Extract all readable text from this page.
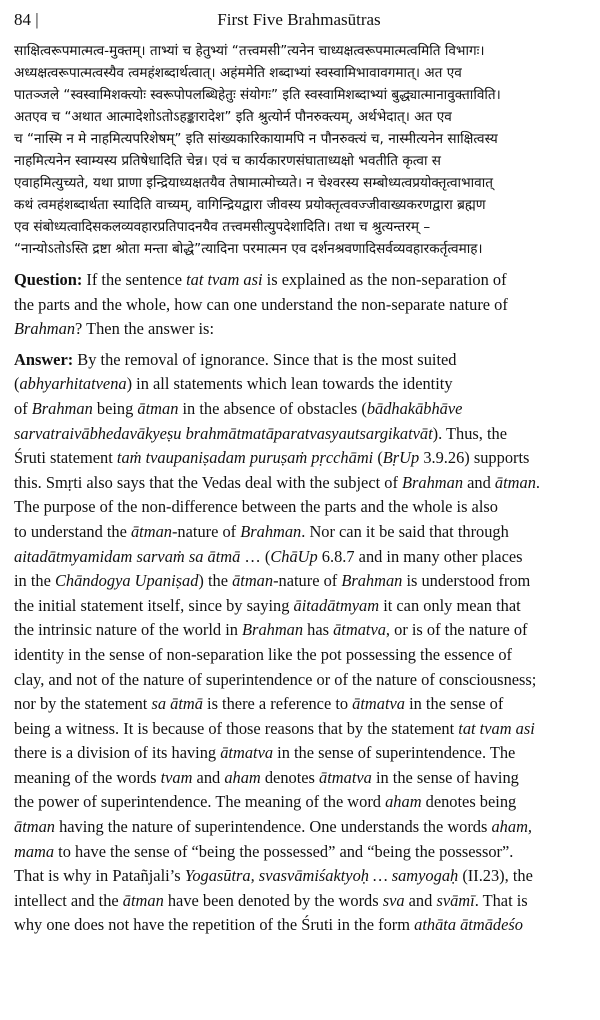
84 |	First Five Brahmasūtras
साक्षित्वरूपमात्मत्व-मुक्तम्। ताभ्यां च हेतुभ्यां “तत्त्वमसी”त्यनेन चाध्यक्षत्वरूपमात्मत्वमिति विभागः।
अध्यक्षत्वरूपात्मत्वस्यैव त्वमहंशब्दार्थत्वात्। अहंममेति शब्दाभ्यां स्वस्वामिभावावगमात्। अत एव
पातञ्जले “स्वस्वामिशक्त्योः स्वरूपोपलब्धिहेतुः संयोगः” इति स्वस्वामिशब्दाभ्यां बुद्ध्यात्मानावुक्ताविति।
अतएव च “अथात आत्मादेशोऽतोऽहङ्कारादेश” इति श्रुत्योर्न पौनरुक्त्यम्, अर्थभेदात्। अत एव
च “नास्मि न मे नाहमित्यपरिशेषम्” इति सांख्यकारिकायामपि न पौनरुक्त्यं च, नास्मीत्यनेन साक्षित्वस्य
नाहमित्यनेन स्वाम्यस्य प्रतिषेधादिति चेन्न। एवं च कार्यकारणसंघाताध्यक्षो भवतीति कृत्वा स
एवाहमित्युच्यते, यथा प्राणा इन्द्रियाध्यक्षतयैव तेषामात्मोच्यते। न चेश्वरस्य सम्बोध्यत्वप्रयोक्तृत्वाभावात्
कथं त्वमहंशब्दार्थता स्यादिति वाच्यम्, वागिन्द्रियद्वारा जीवस्य प्रयोक्तृत्ववज्जीवाख्यकरणद्वारा ब्रह्मण
एव संबोध्यत्वादिसकलव्यवहारप्रतिपादनयैव तत्त्वमसीत्युपदेशादिति। तथा च श्रुत्यन्तरम् –
“नान्योऽतोऽस्ति द्रष्टा श्रोता मन्ता बोद्धे”त्यादिना परमात्मन एव दर्शनश्रवणादिसर्वव्यवहारकर्तृत्वमाह।
Question: If the sentence tat tvam asi is explained as the non-separation of
the parts and the whole, how can one understand the non-separate nature of
Brahman? Then the answer is:
Answer: By the removal of ignorance. Since that is the most suited
(abhyarhitatvena) in all statements which lean towards the identity
of Brahman being ātman in the absence of obstacles (bādhakābhāve
sarvatraivābhedavākyeṣu brahmātmatāparatvasyautsargikatvāt). Thus, the
Śruti statement taṁ tvaupaniṣadam puruṣaṁ pṛcchāmi (BṛUp 3.9.26) supports
this. Smṛti also says that the Vedas deal with the subject of Brahman and ātman.
The purpose of the non-difference between the parts and the whole is also
to understand the ātman-nature of Brahman. Nor can it be said that through
aitadātmyamidam sarvaṁ sa ātmā … (ChāUp 6.8.7 and in many other places
in the Chāndogya Upaniṣad) the ātman-nature of Brahman is understood from
the initial statement itself, since by saying āitadātmyam it can only mean that
the intrinsic nature of the world in Brahman has ātmatva, or is of the nature of
identity in the sense of non-separation like the pot possessing the essence of
clay, and not of the nature of superintendence or of the nature of consciousness;
nor by the statement sa ātmā is there a reference to ātmatva in the sense of
being a witness. It is because of those reasons that by the statement tat tvam asi
there is a division of its having ātmatva in the sense of superintendence. The
meaning of the words tvam and aham denotes ātmatva in the sense of having
the power of superintendence. The meaning of the word aham denotes being
ātman having the nature of superintendence. One understands the words aham,
mama to have the sense of “being the possessed” and “being the possessor”.
That is why in Patañjali’s Yogasūtra, svasvāmiśaktyoḥ … samyogaḥ (II.23), the
intellect and the ātman have been denoted by the words sva and svāmī. That is
why one does not have the repetition of the Śruti in the form athāta ātmādeśo
